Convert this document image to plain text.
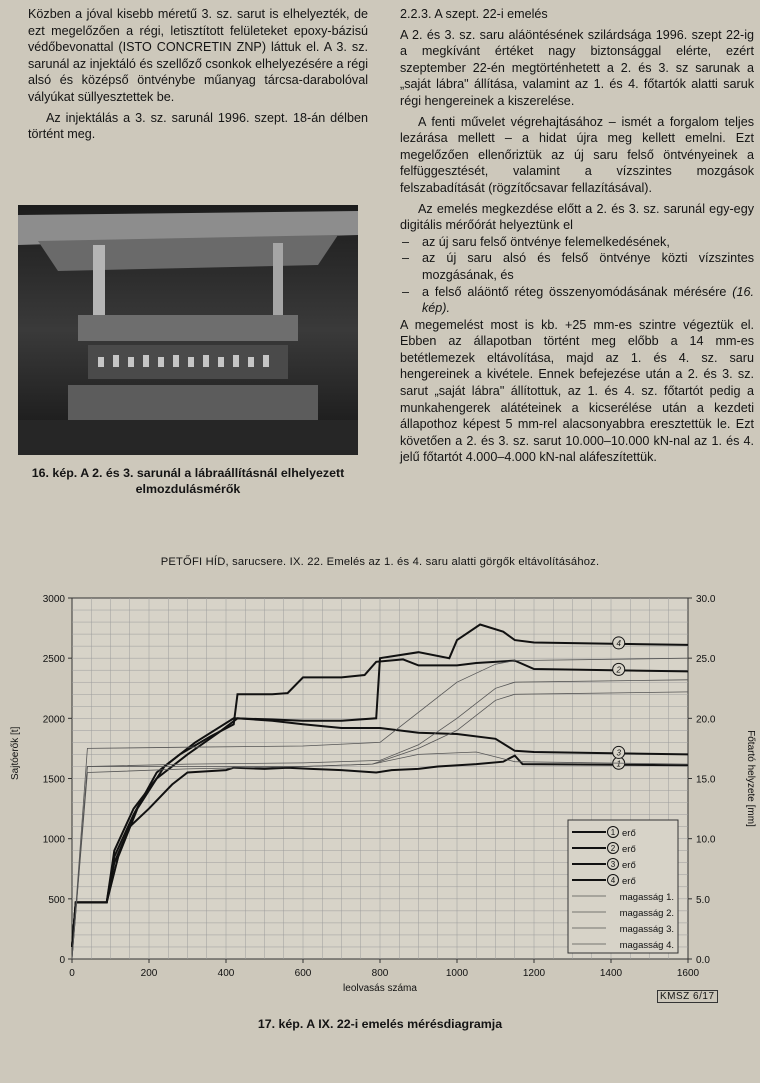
Közben a jóval kisebb méretű 3. sz. sarut is elhelyezték, de ezt megelőzően a régi, letisztított felületeket epoxy-bázisú védőbevonattal (ISTO CONCRETIN ZNP) láttuk el. A 3. sz. sarunál az injektáló és szellőző csonkok elhelyezésére a régi alsó és középső öntvénybe műanyag tárcsa-darabolóval vályúkat süllyesztettek be.

Az injektálás a 3. sz. sarunál 1996. szept. 18-án délben történt meg.

16. kép. A 2. és 3. sarunál a lábraállításnál elhelyezett elmozdulásmérők

2.2.3. A szept. 22-i emelés

A 2. és 3. sz. saru aláöntésének szilárdsága 1996. szept 22-ig a megkívánt értéket nagy biztonsággal elérte, ezért szeptember 22-én megtörténhetett a 2. és 3. sz sarunak a „saját lábra" állítása, valamint az 1. és 4. főtartók alatti saruk régi hengereinek a kiszerelése.

A fenti művelet végrehajtásához – ismét a forgalom teljes lezárása mellett – a hidat újra meg kellett emelni. Ezt megelőzően ellenőriztük az új saru felső öntvényeinek a felfüggesztését, valamint a vízszintes mozgások felszabadítását (rögzítőcsavar fellazításával).

Az emelés megkezdése előtt a 2. és 3. sz. sarunál egy-egy digitális mérőórát helyeztünk el

– az új saru felső öntvénye felemelkedésének,
– az új saru alsó és felső öntvénye közti vízszintes mozgásának, és
– a felső aláöntő réteg összenyomódásának mérésére (16. kép).

A megemelést most is kb. +25 mm-es szintre végeztük el. Ebben az állapotban történt meg előbb a 14 mm-es betétlemezek eltávolítása, majd az 1. és 4. sz. saru hengereinek a kivétele. Ennek befejezése után a 2. és 3. sz. sarut „saját lábra" állítottuk, az 1. és 4. sz. főtartót pedig a munkahengerek alátéteinek a kicserélése után a kezdeti állapothoz képest 5 mm-rel alacsonyabbra eresztettük le. Ezt követően a 2. és 3. sz. sarut 10.000–10.000 kN-nal az 1. és 4. jelű főtartót 4.000–4.000 kN-nal aláfeszítettük.

PETŐFI HÍD, sarucsere. IX. 22. Emelés az 1. és 4. saru alatti görgők eltávolításához.
0	200	400	600	800	1000	1200	1400	1600
0
500
1000
1500
2000
2500
3000
0.0
5.0
10.0
15.0
20.0
25.0
30.0
leolvasás száma
Főtartó helyzete [mm]
1
2
3
4
1 erő
2 erő
3 erő
4 erő
magasság 1.
magasság 2.
magasság 3.
magasság 4.
Sajtóerők [t]
KMSZ 6/17
17. kép. A IX. 22-i emelés mérésdiagramja
